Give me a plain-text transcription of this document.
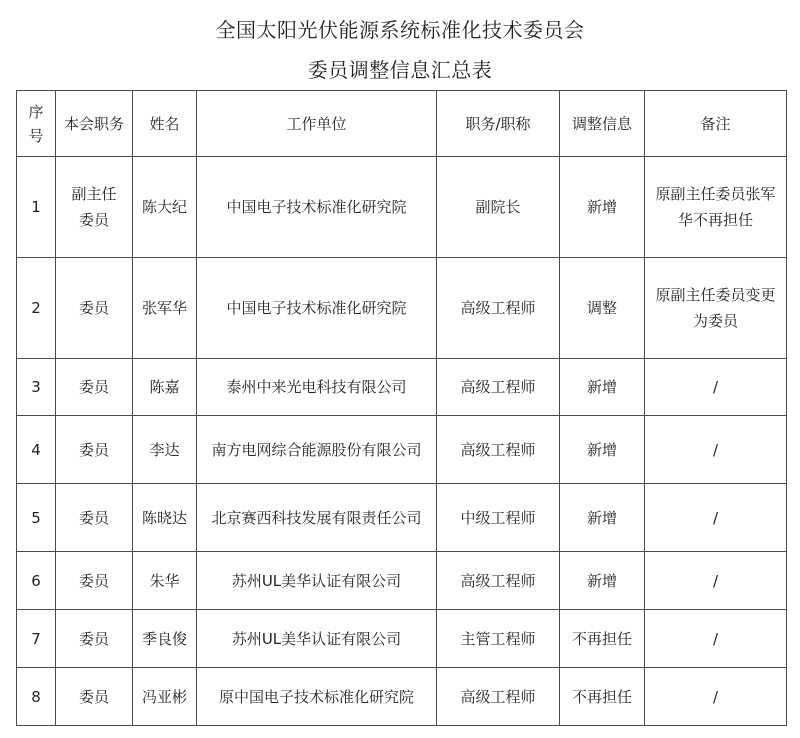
全国太阳光伏能源系统标准化技术委员会
委员调整信息汇总表
序号	本会职务	姓名	工作单位	职务/职称	调整信息	备注
1	副主任委员	陈大纪	中国电子技术标准化研究院	副院长	新增	原副主任委员张军华不再担任
2	委员	张军华	中国电子技术标准化研究院	高级工程师	调整	原副主任委员变更为委员
3	委员	陈嘉	泰州中来光电科技有限公司	高级工程师	新增	/
4	委员	李达	南方电网综合能源股份有限公司	高级工程师	新增	/
5	委员	陈晓达	北京赛西科技发展有限责任公司	中级工程师	新增	/
6	委员	朱华	苏州UL美华认证有限公司	高级工程师	新增	/
7	委员	季良俊	苏州UL美华认证有限公司	主管工程师	不再担任	/
8	委员	冯亚彬	原中国电子技术标准化研究院	高级工程师	不再担任	/
